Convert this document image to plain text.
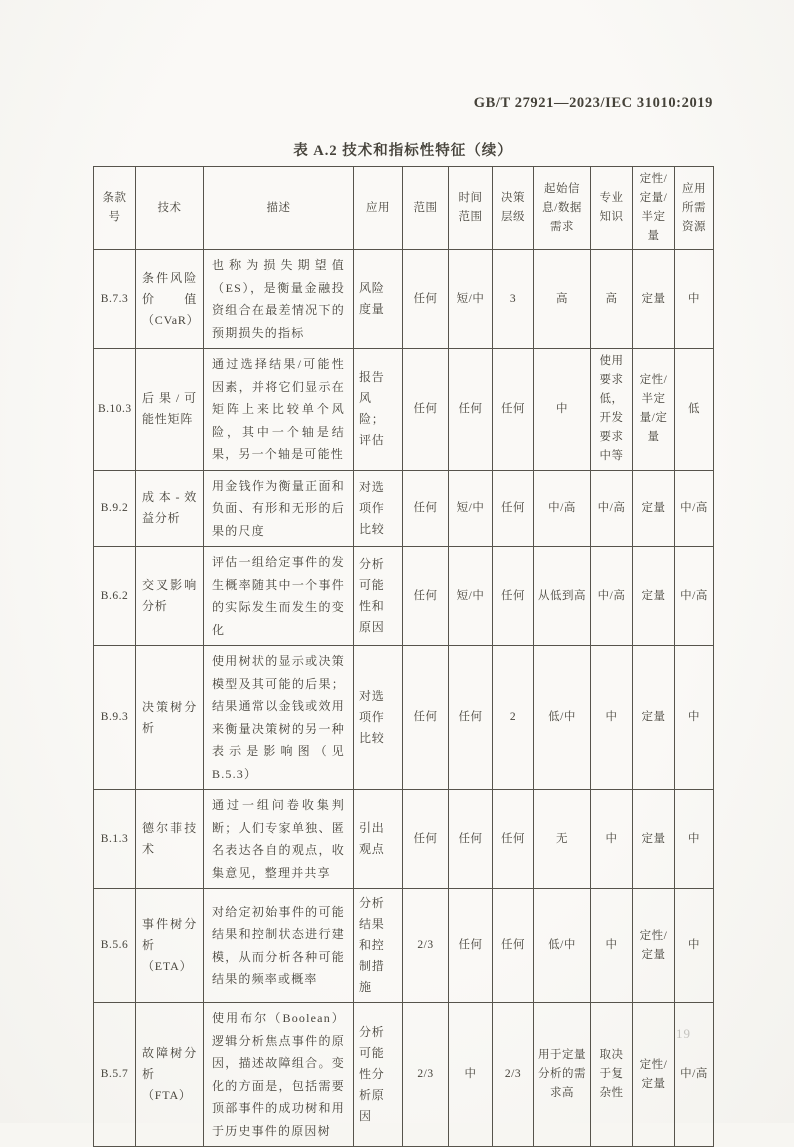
GB/T 27921—2023/IEC 31010:2019
表 A.2 技术和指标性特征（续）
条款号	技术	描述	应用	范围	时间范围	决策层级	起始信息/数据需求	专业知识	定性/定量/半定量	应用所需资源
B.7.3	条件风险价值（CVaR）	也称为损失期望值（ES），是衡量金融投资组合在最差情况下的预期损失的指标	风险度量	任何	短/中	3	高	高	定量	中
B.10.3	后果/可能性矩阵	通过选择结果/可能性因素，并将它们显示在矩阵上来比较单个风险，其中一个轴是结果，另一个轴是可能性	报告风险；评估	任何	任何	任何	中	使用要求低，开发要求中等	定性/半定量/定量	低
B.9.2	成本-效益分析	用金钱作为衡量正面和负面、有形和无形的后果的尺度	对选项作比较	任何	短/中	任何	中/高	中/高	定量	中/高
B.6.2	交叉影响分析	评估一组给定事件的发生概率随其中一个事件的实际发生而发生的变化	分析可能性和原因	任何	短/中	任何	从低到高	中/高	定量	中/高
B.9.3	决策树分析	使用树状的显示或决策模型及其可能的后果；结果通常以金钱或效用来衡量决策树的另一种表示是影响图（见B.5.3）	对选项作比较	任何	任何	2	低/中	中	定量	中
B.1.3	德尔菲技术	通过一组问卷收集判断；人们专家单独、匿名表达各自的观点，收集意见，整理并共享	引出观点	任何	任何	任何	无	中	定量	中
B.5.6	事件树分析（ETA）	对给定初始事件的可能结果和控制状态进行建模，从而分析各种可能结果的频率或概率	分析结果和控制措施	2/3	任何	任何	低/中	中	定性/定量	中
B.5.7	故障树分析（FTA）	使用布尔（Boolean）逻辑分析焦点事件的原因，描述故障组合。变化的方面是，包括需要顶部事件的成功树和用于历史事件的原因树	分析可能性分析原因	2/3	中	2/3	用于定量分析的需求高	取决于复杂性	定性/定量	中/高
19
